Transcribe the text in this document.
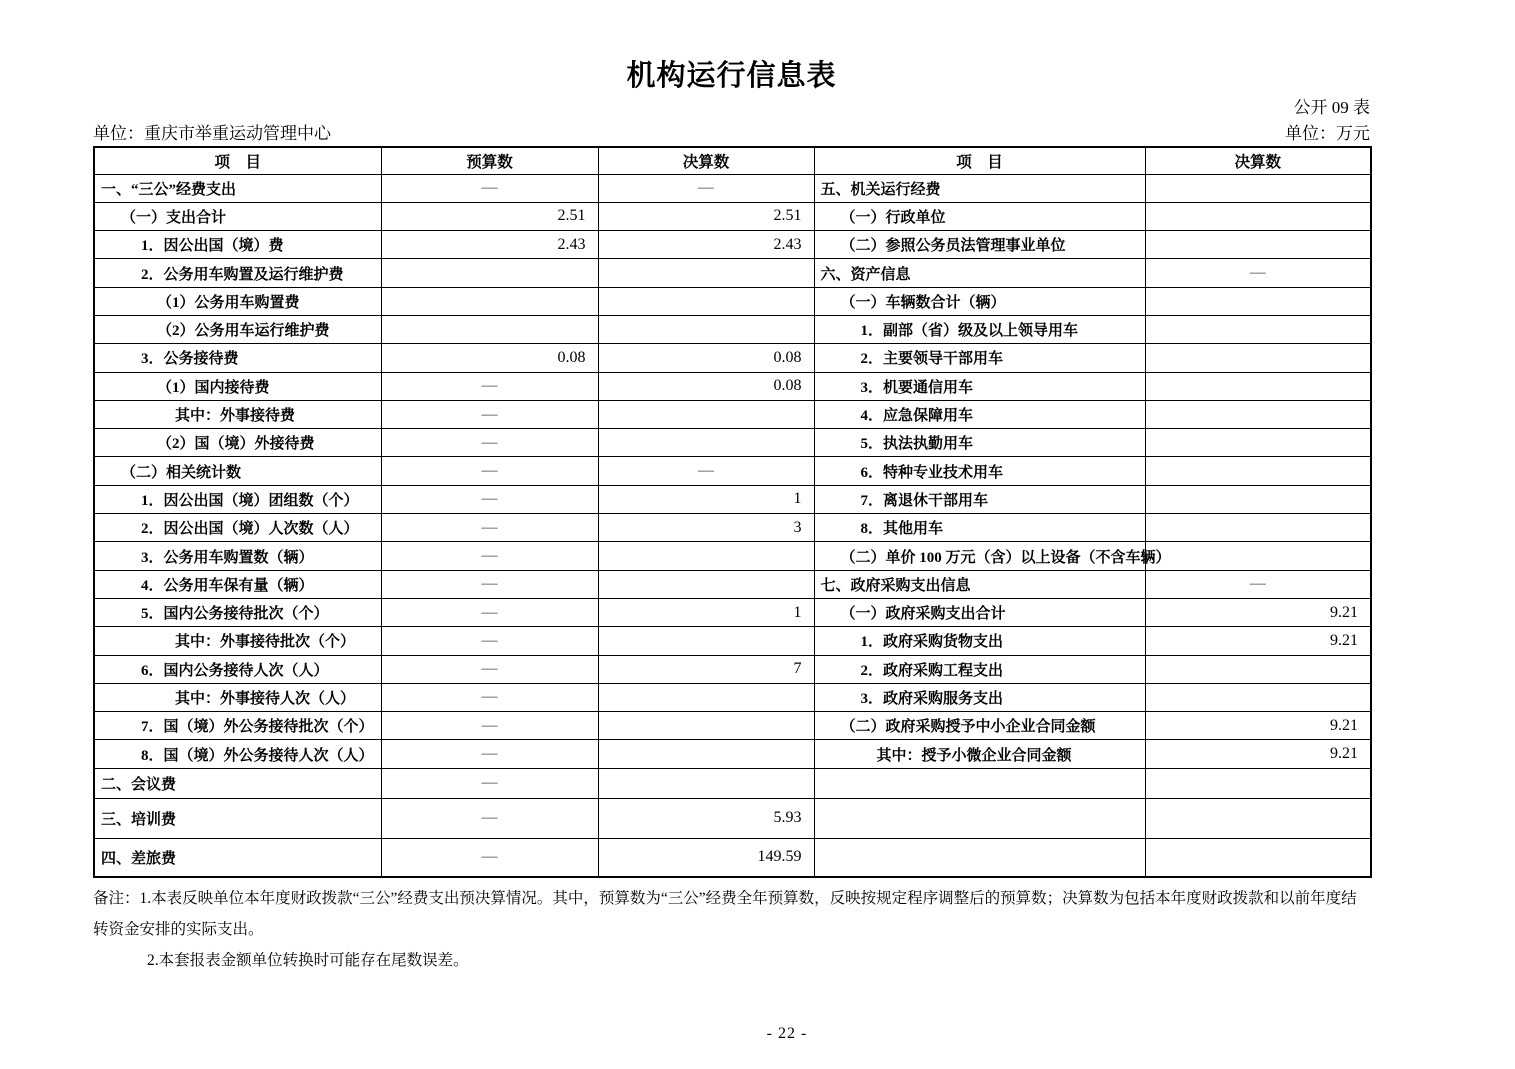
机构运行信息表
公开 09 表
单位：重庆市举重运动管理中心	单位：万元
项　目	预算数	决算数	项　目	决算数
一、“三公”经费支出	—	—	五、机关运行经费	
（一）支出合计	2.51	2.51	（一）行政单位	
1．因公出国（境）费	2.43	2.43	（二）参照公务员法管理事业单位	
2．公务用车购置及运行维护费			六、资产信息	—
（1）公务用车购置费			（一）车辆数合计（辆）	
（2）公务用车运行维护费			1．副部（省）级及以上领导用车	
3．公务接待费	0.08	0.08	2．主要领导干部用车	
（1）国内接待费	—	0.08	3．机要通信用车	
其中：外事接待费	—		4．应急保障用车	
（2）国（境）外接待费	—		5．执法执勤用车	
（二）相关统计数	—	—	6．特种专业技术用车	
1．因公出国（境）团组数（个）	—	1	7．离退休干部用车	
2．因公出国（境）人次数（人）	—	3	8．其他用车	
3．公务用车购置数（辆）	—		（二）单价 100 万元（含）以上设备（不含车辆）	
4．公务用车保有量（辆）	—		七、政府采购支出信息	—
5．国内公务接待批次（个）	—	1	（一）政府采购支出合计	9.21
其中：外事接待批次（个）	—		1．政府采购货物支出	9.21
6．国内公务接待人次（人）	—	7	2．政府采购工程支出	
其中：外事接待人次（人）	—		3．政府采购服务支出	
7．国（境）外公务接待批次（个）	—		（二）政府采购授予中小企业合同金额	9.21
8．国（境）外公务接待人次（人）	—		其中：授予小微企业合同金额	9.21
二、会议费	—			
三、培训费	—	5.93		
四、差旅费	—	149.59		

备注：1.本表反映单位本年度财政拨款“三公”经费支出预决算情况。其中，预算数为“三公”经费全年预算数，反映按规定程序调整后的预算数；决算数为包括本年度财政拨款和以前年度结转资金安排的实际支出。

2.本套报表金额单位转换时可能存在尾数误差。

- 22 -
